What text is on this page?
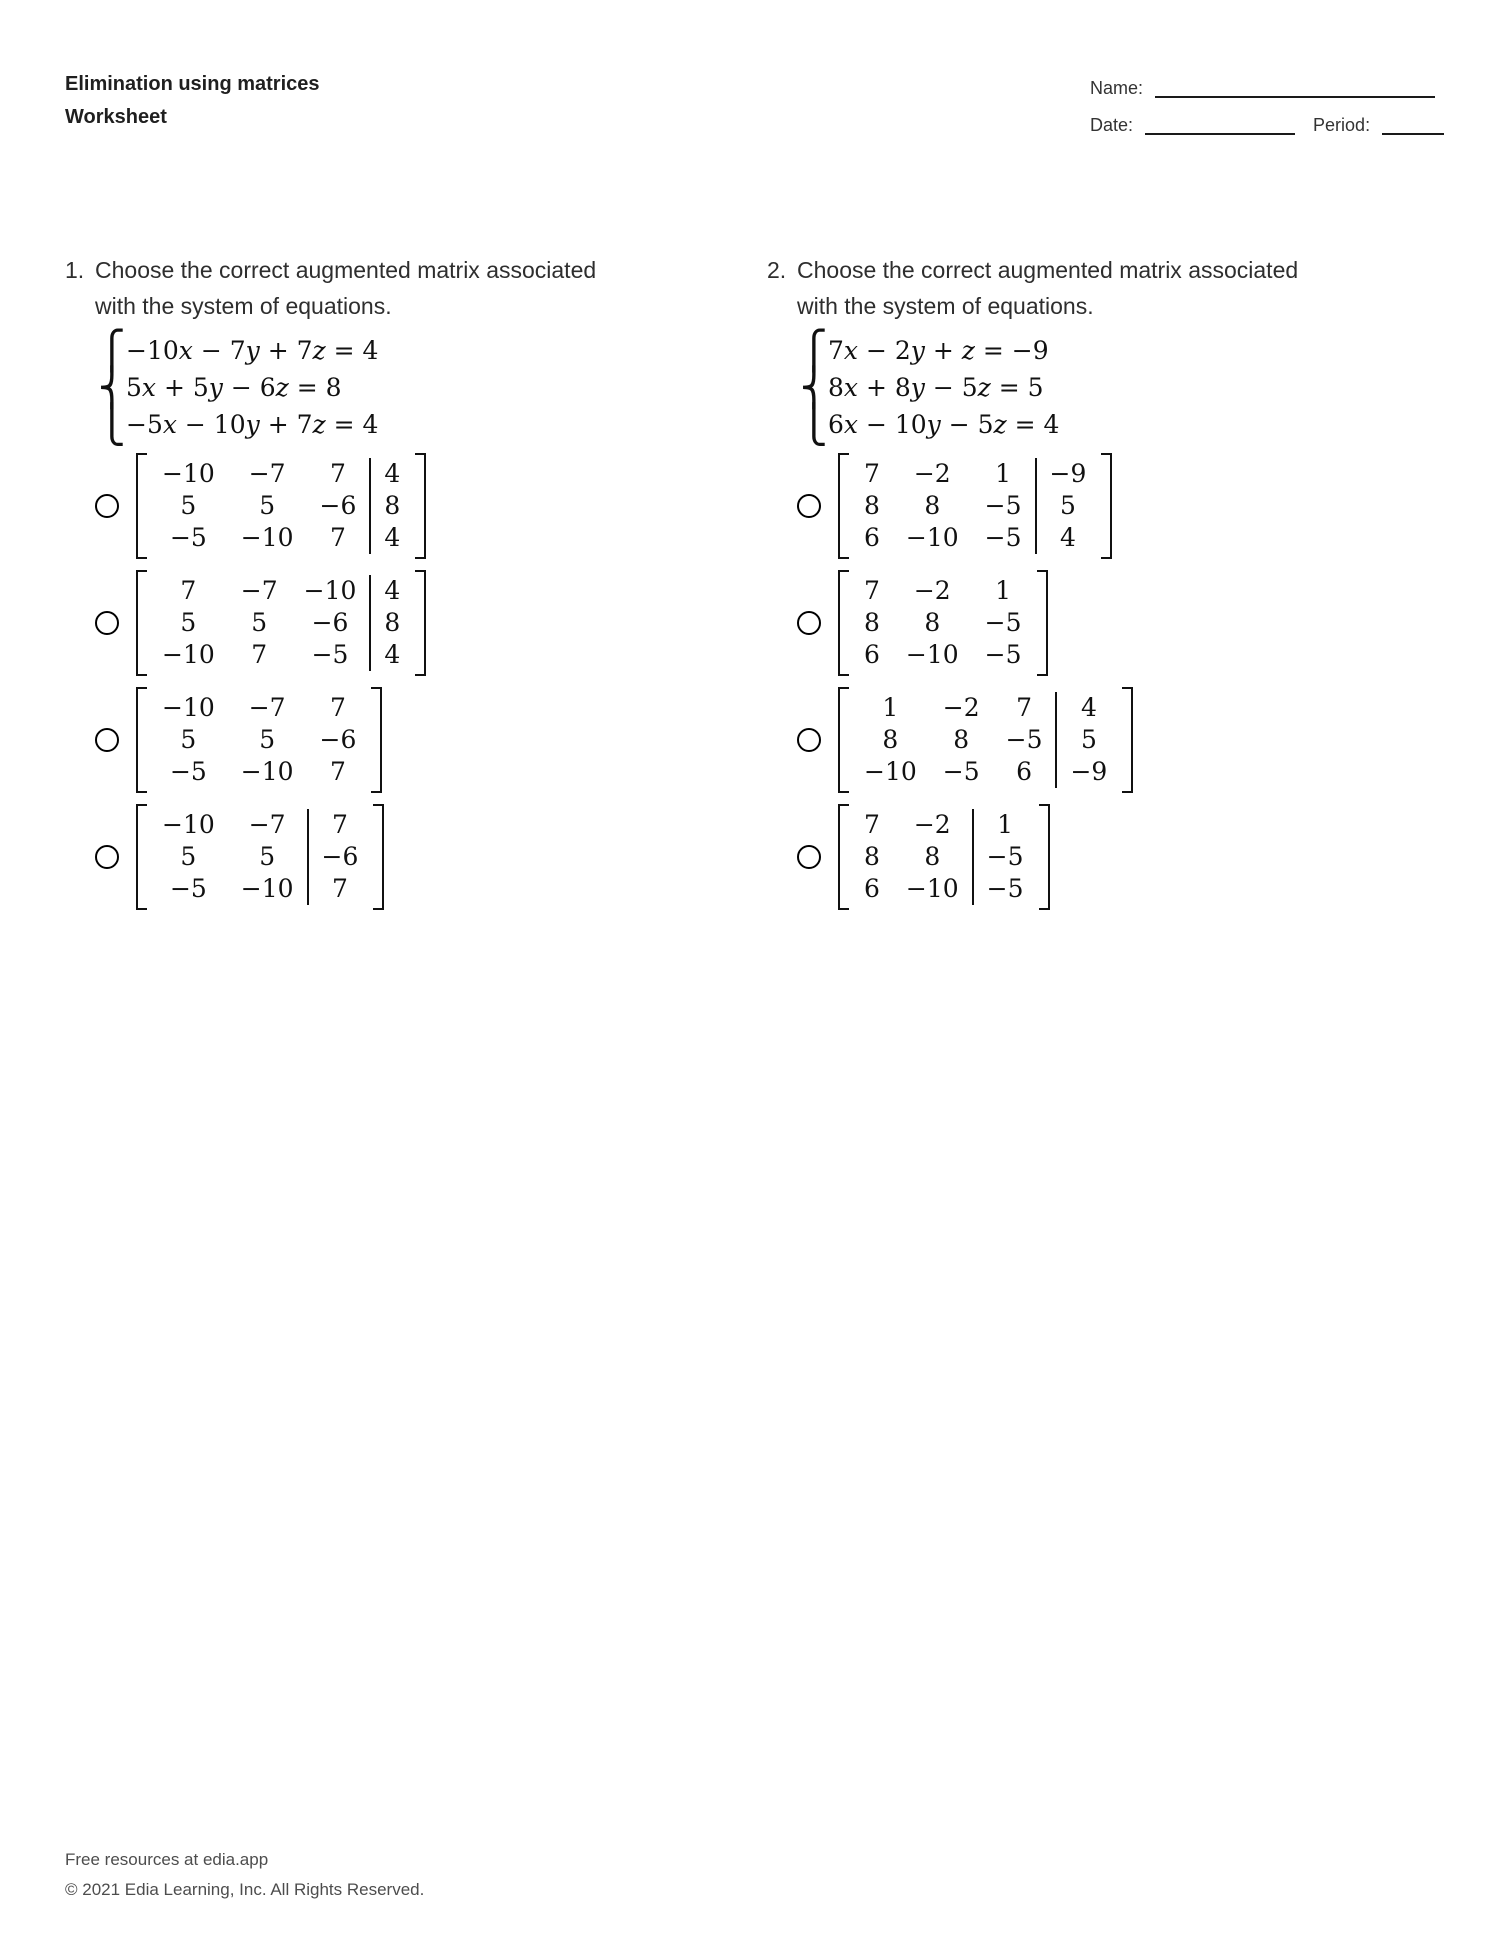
Elimination using matrices
Worksheet
Name:
Date:	Period:
1. Choose the correct augmented matrix associated
with the system of equations.
⎧
⎨
⎩
−10x − 7y + 7z = 4
5x + 5y − 6z = 8
−5x − 10y + 7z = 4
−10	−7	7	4
5	5	−6	8
−5	−10	7	4
7	−7	−10	4
5	5	−6	8
−10	7	−5	4
−10	−7	7
5	5	−6
−5	−10	7
−10	−7	7
5	5	−6
−5	−10	7
2. Choose the correct augmented matrix associated
with the system of equations.
⎧
⎨
⎩
7x − 2y + z = −9
8x + 8y − 5z = 5
6x − 10y − 5z = 4
7	−2	1	−9
8	8	−5	5
6	−10	−5	4
7	−2	1
8	8	−5
6	−10	−5
1	−2	7	4
8	8	−5	5
−10	−5	6	−9
7	−2	1
8	8	−5
6	−10	−5
Free resources at edia.app
© 2021 Edia Learning, Inc. All Rights Reserved.
